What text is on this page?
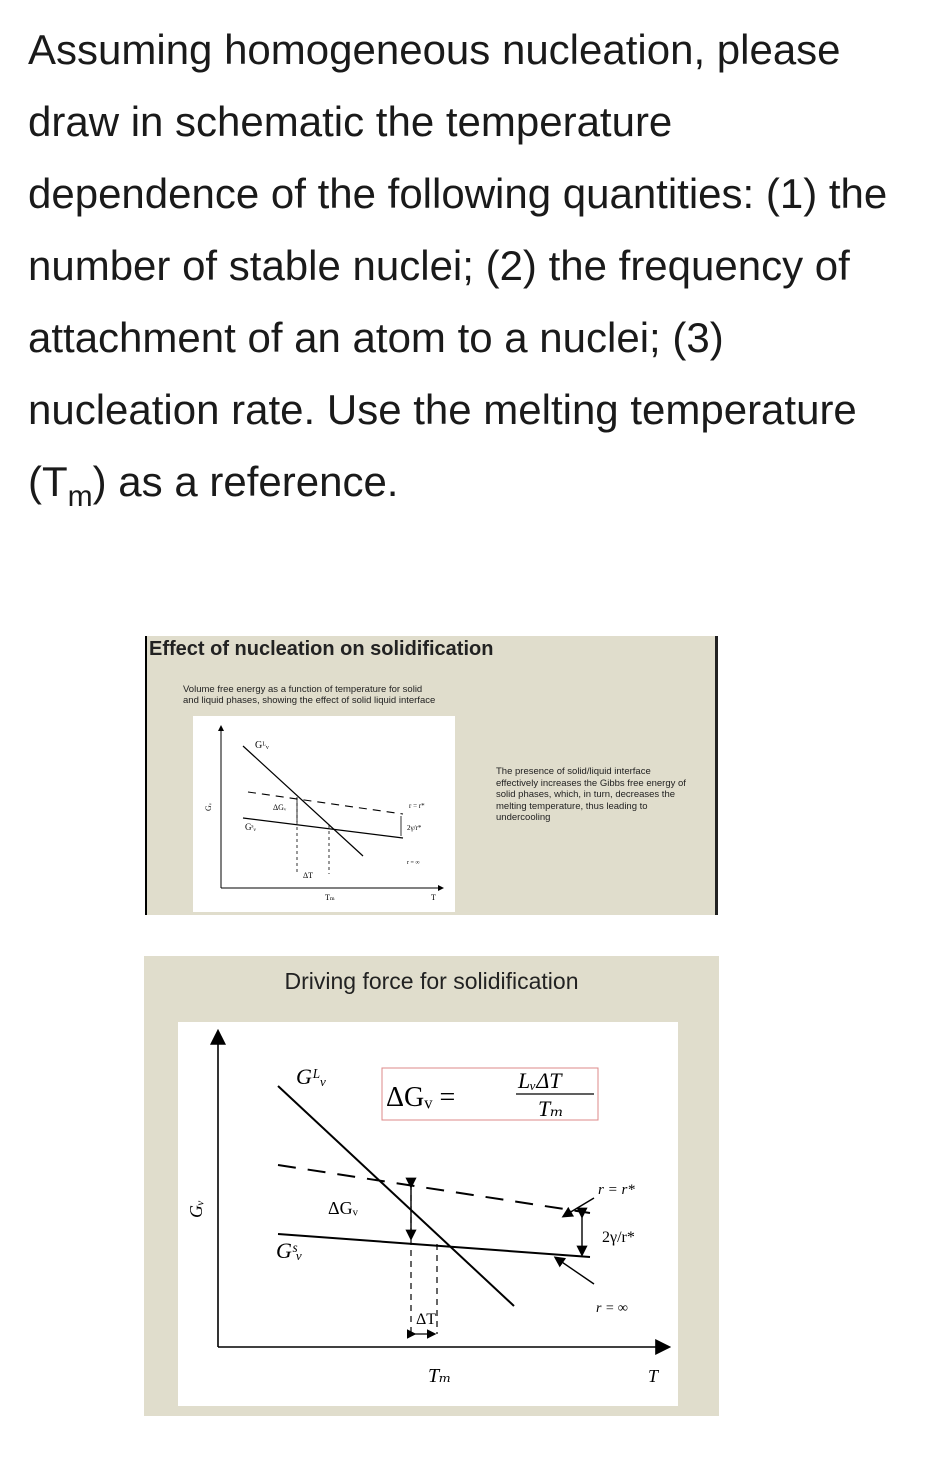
Assuming homogeneous nucleation, please draw in schematic the temperature dependence of the following quantities: (1) the number of stable nuclei; (2) the frequency of attachment of an atom to a nuclei; (3) nucleation rate. Use the melting temperature $(T_m)$ as a reference.
Effect of nucleation on solidification
Volume free energy as a function of temperature for solid
and liquid phases, showing the effect of solid liquid interface
Gᴸᵥ
Gˢᵥ
Gᵥ	ΔGᵥ	r = r*
2γ/r*
r = ∞
ΔT
Tₘ	T
The presence of solid/liquid interface effectively increases the Gibbs free energy of solid phases, which, in turn, decreases the melting temperature, thus leading to undercooling
Driving force for solidification
ΔGᵥ =
LᵥΔT
Tₘ
Gᴸᵥ
Gˢᵥ
Gᵥ	ΔGᵥ
r = r*
2γ/r*
r = ∞
ΔT
Tₘ	T
